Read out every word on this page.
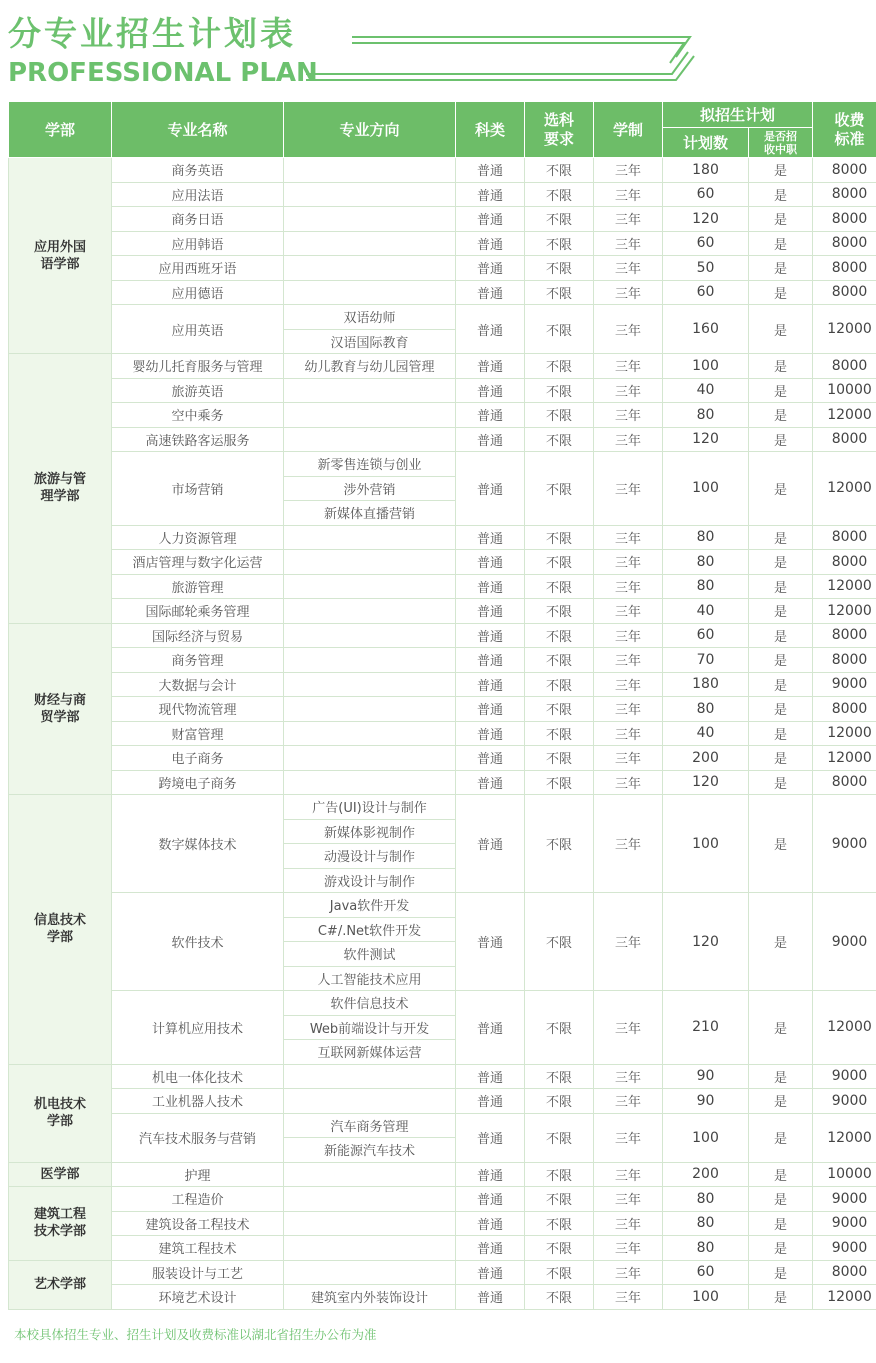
分专业招生计划表
PROFESSIONAL PLAN
学部	专业名称	专业方向	科类	选科要求	学制	拟招生计划		收费标准
						计划数	是否招收中职	
应用外国语学部	商务英语		普通	不限	三年	180	是	8000
	应用法语		普通	不限	三年	60	是	8000
	商务日语		普通	不限	三年	120	是	8000
	应用韩语		普通	不限	三年	60	是	8000
	应用西班牙语		普通	不限	三年	50	是	8000
	应用德语		普通	不限	三年	60	是	8000
	应用英语	双语幼师	普通	不限	三年	160	是	12000
		汉语国际教育						
旅游与管理学部	婴幼儿托育服务与管理	幼儿教育与幼儿园管理	普通	不限	三年	100	是	8000
	旅游英语		普通	不限	三年	40	是	10000
	空中乘务		普通	不限	三年	80	是	12000
	高速铁路客运服务		普通	不限	三年	120	是	8000
	市场营销	新零售连锁与创业	普通	不限	三年	100	是	12000
		涉外营销						
		新媒体直播营销						
	人力资源管理		普通	不限	三年	80	是	8000
	酒店管理与数字化运营		普通	不限	三年	80	是	8000
	旅游管理		普通	不限	三年	80	是	12000
	国际邮轮乘务管理		普通	不限	三年	40	是	12000
财经与商贸学部	国际经济与贸易		普通	不限	三年	60	是	8000
	商务管理		普通	不限	三年	70	是	8000
	大数据与会计		普通	不限	三年	180	是	9000
	现代物流管理		普通	不限	三年	80	是	8000
	财富管理		普通	不限	三年	40	是	12000
	电子商务		普通	不限	三年	200	是	12000
	跨境电子商务		普通	不限	三年	120	是	8000
信息技术学部	数字媒体技术	广告(UI)设计与制作	普通	不限	三年	100	是	9000
		新媒体影视制作						
		动漫设计与制作						
		游戏设计与制作						
	软件技术	Java软件开发	普通	不限	三年	120	是	9000
		C#/.Net软件开发						
		软件测试						
		人工智能技术应用						
	计算机应用技术	软件信息技术	普通	不限	三年	210	是	12000
		Web前端设计与开发						
		互联网新媒体运营						
机电技术学部	机电一体化技术		普通	不限	三年	90	是	9000
	工业机器人技术		普通	不限	三年	90	是	9000
	汽车技术服务与营销	汽车商务管理	普通	不限	三年	100	是	12000
		新能源汽车技术						
医学部	护理		普通	不限	三年	200	是	10000
建筑工程技术学部	工程造价		普通	不限	三年	80	是	9000
	建筑设备工程技术		普通	不限	三年	80	是	9000
	建筑工程技术		普通	不限	三年	80	是	9000
艺术学部	服装设计与工艺		普通	不限	三年	60	是	8000
	环境艺术设计	建筑室内外装饰设计	普通	不限	三年	100	是	12000
本校具体招生专业、招生计划及收费标准以湖北省招生办公布为准
